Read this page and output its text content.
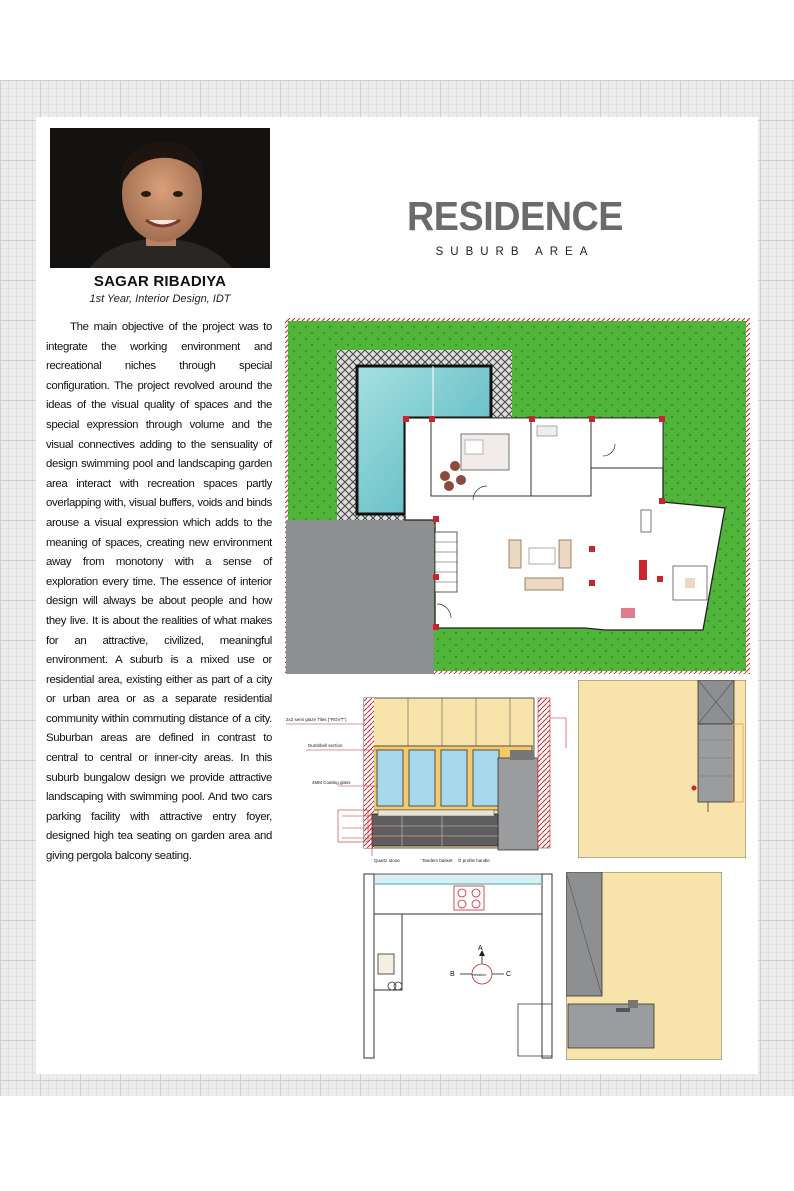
SAGAR RIBADIYA
1st Year, Interior Design, IDT
The main objective of the project was to integrate the working environment and recreational niches through special configuration. The project revolved around the ideas of the visual quality of spaces and the special expression through volume and the visual connectives adding to the sensuality of design swimming pool and landscaping garden area interact with recreation spaces partly overlapping with, visual buffers, voids and binds arouse a visual expression which adds to the meaning of spaces, creating new environment away from monotony with a sense of exploration every time. The essence of interior design will always be about people and how they live. It is about the realities of what makes for an attractive, civilized, meaningful environment. A suburb is a mixed use or residential area, existing either as part of a city or urban area or as a separate residential community within commuting distance of a city. Suburban areas are defined in contrast to central to central or inner-city areas. In this suburb bungalow design we provide attractive landscaping with swimming pool. And two cars parking facility with attractive entry foyer, designed high tea seating on garden area and giving pergola balcony seating.
RESIDENCE
SUBURB AREA
2x2 semi glaze Tiles ("RGVT")
Dumbbell section
4MM Coating glass
Quartz stone	Tandem basket G profile handle
A
B	C
elevation
